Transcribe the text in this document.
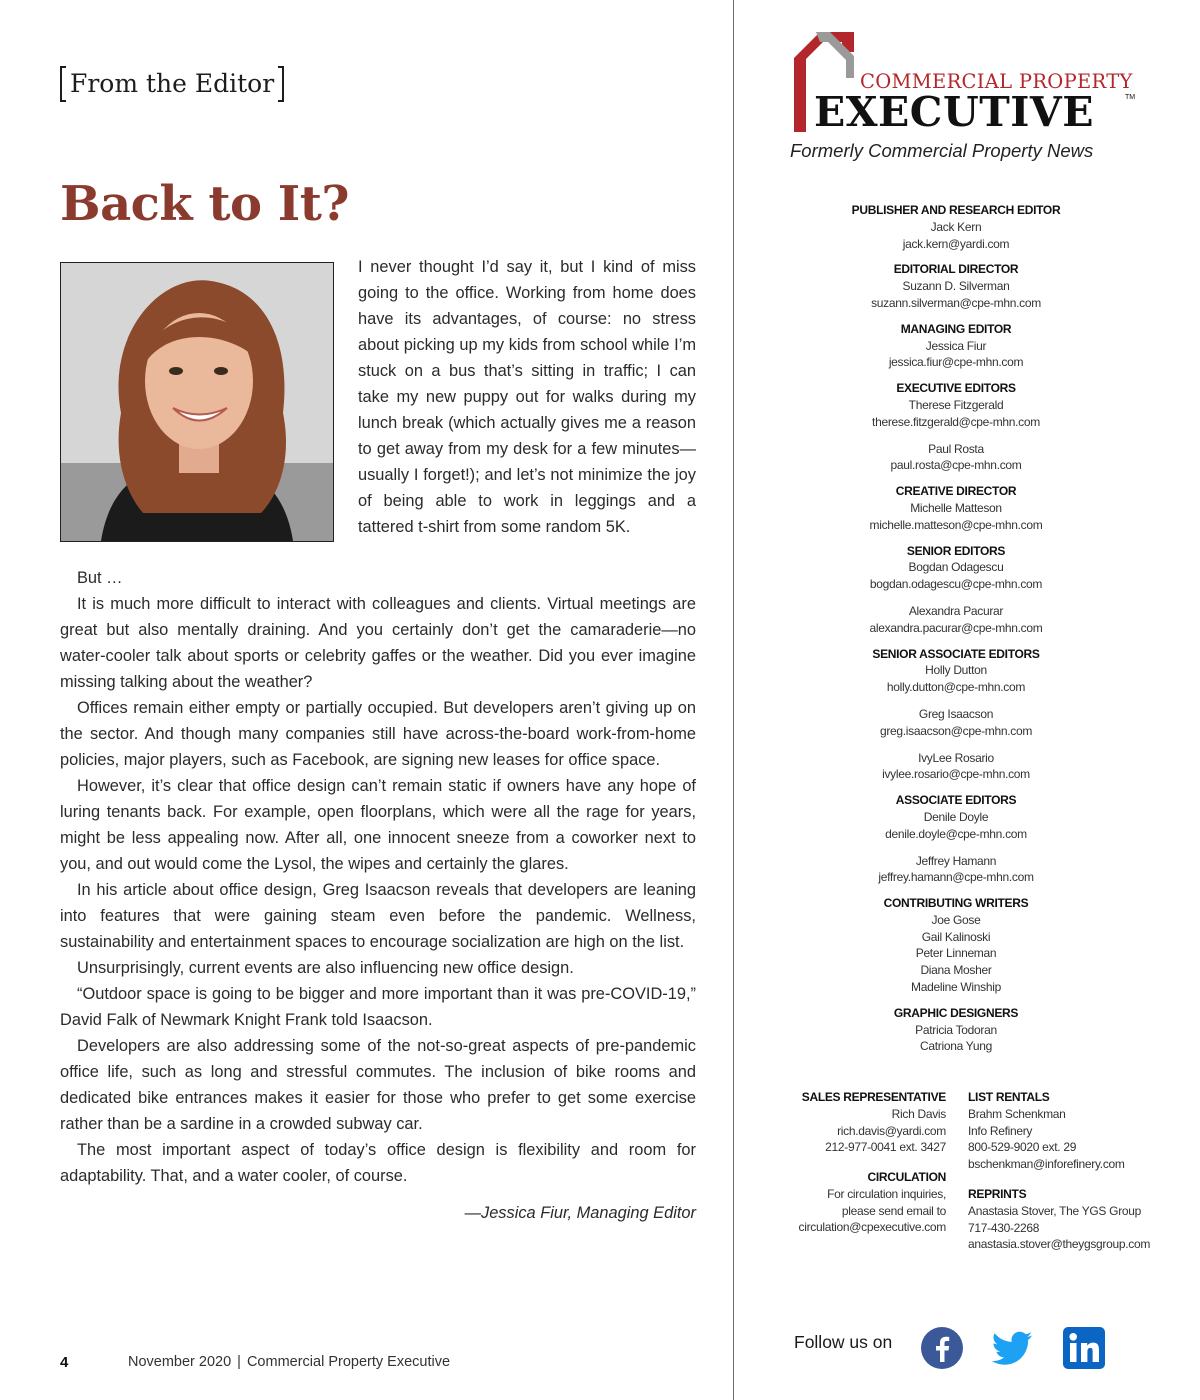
From the Editor
Back to It?

I never thought I’d say it, but I kind of miss going to the office. Working from home does have its advantages, of course: no stress about picking up my kids from school while I’m stuck on a bus that’s sitting in traffic; I can take my new puppy out for walks during my lunch break (which actually gives me a reason to get away from my desk for a few minutes—usually I forget!); and let’s not minimize the joy of being able to work in leggings and a tattered t-shirt from some random 5K.

But …

It is much more difficult to interact with colleagues and clients. Virtual meetings are great but also mentally draining. And you certainly don’t get the camaraderie—no water-cooler talk about sports or celebrity gaffes or the weather. Did you ever imagine missing talking about the weather?

Offices remain either empty or partially occupied. But developers aren’t giving up on the sector. And though many companies still have across-the-board work-from-home policies, major players, such as Facebook, are signing new leases for office space.

However, it’s clear that office design can’t remain static if owners have any hope of luring tenants back. For example, open floorplans, which were all the rage for years, might be less appealing now. After all, one innocent sneeze from a coworker next to you, and out would come the Lysol, the wipes and certainly the glares.

In his article about office design, Greg Isaacson reveals that developers are leaning into features that were gaining steam even before the pandemic. Wellness, sustainability and entertainment spaces to encourage socialization are high on the list.

Unsurprisingly, current events are also influencing new office design.

“Outdoor space is going to be bigger and more important than it was pre-COVID-19,” David Falk of Newmark Knight Frank told Isaacson.

Developers are also addressing some of the not-so-great aspects of pre-pandemic office life, such as long and stressful commutes. The inclusion of bike rooms and dedicated bike entrances makes it easier for those who prefer to get some exercise rather than be a sardine in a crowded subway car.

The most important aspect of today’s office design is flexibility and room for adaptability. That, and a water cooler, of course.

—Jessica Fiur, Managing Editor
4	November 2020 | Commercial Property Executive
COMMERCIAL PROPERTY
EXECUTIVE	TM
Formerly Commercial Property News
PUBLISHER AND RESEARCH EDITOR
Jack Kern
jack.kern@yardi.com
EDITORIAL DIRECTOR
Suzann D. Silverman
suzann.silverman@cpe-mhn.com
MANAGING EDITOR
Jessica Fiur
jessica.fiur@cpe-mhn.com
EXECUTIVE EDITORS
Therese Fitzgerald
therese.fitzgerald@cpe-mhn.com
Paul Rosta
paul.rosta@cpe-mhn.com
CREATIVE DIRECTOR
Michelle Matteson
michelle.matteson@cpe-mhn.com
SENIOR EDITORS
Bogdan Odagescu
bogdan.odagescu@cpe-mhn.com
Alexandra Pacurar
alexandra.pacurar@cpe-mhn.com
SENIOR ASSOCIATE EDITORS
Holly Dutton
holly.dutton@cpe-mhn.com
Greg Isaacson
greg.isaacson@cpe-mhn.com
IvyLee Rosario
ivylee.rosario@cpe-mhn.com
ASSOCIATE EDITORS
Denile Doyle
denile.doyle@cpe-mhn.com
Jeffrey Hamann
jeffrey.hamann@cpe-mhn.com
CONTRIBUTING WRITERS
Joe Gose
Gail Kalinoski
Peter Linneman
Diana Mosher
Madeline Winship
GRAPHIC DESIGNERS
Patricia Todoran
Catriona Yung
SALES REPRESENTATIVE
Rich Davis
rich.davis@yardi.com
212-977-0041 ext. 3427
CIRCULATION
For circulation inquiries,
please send email to
circulation@cpexecutive.com
LIST RENTALS
Brahm Schenkman
Info Refinery
800-529-9020 ext. 29
bschenkman@inforefinery.com
REPRINTS
Anastasia Stover, The YGS Group
717-430-2268
anastasia.stover@theygsgroup.com
Follow us on
